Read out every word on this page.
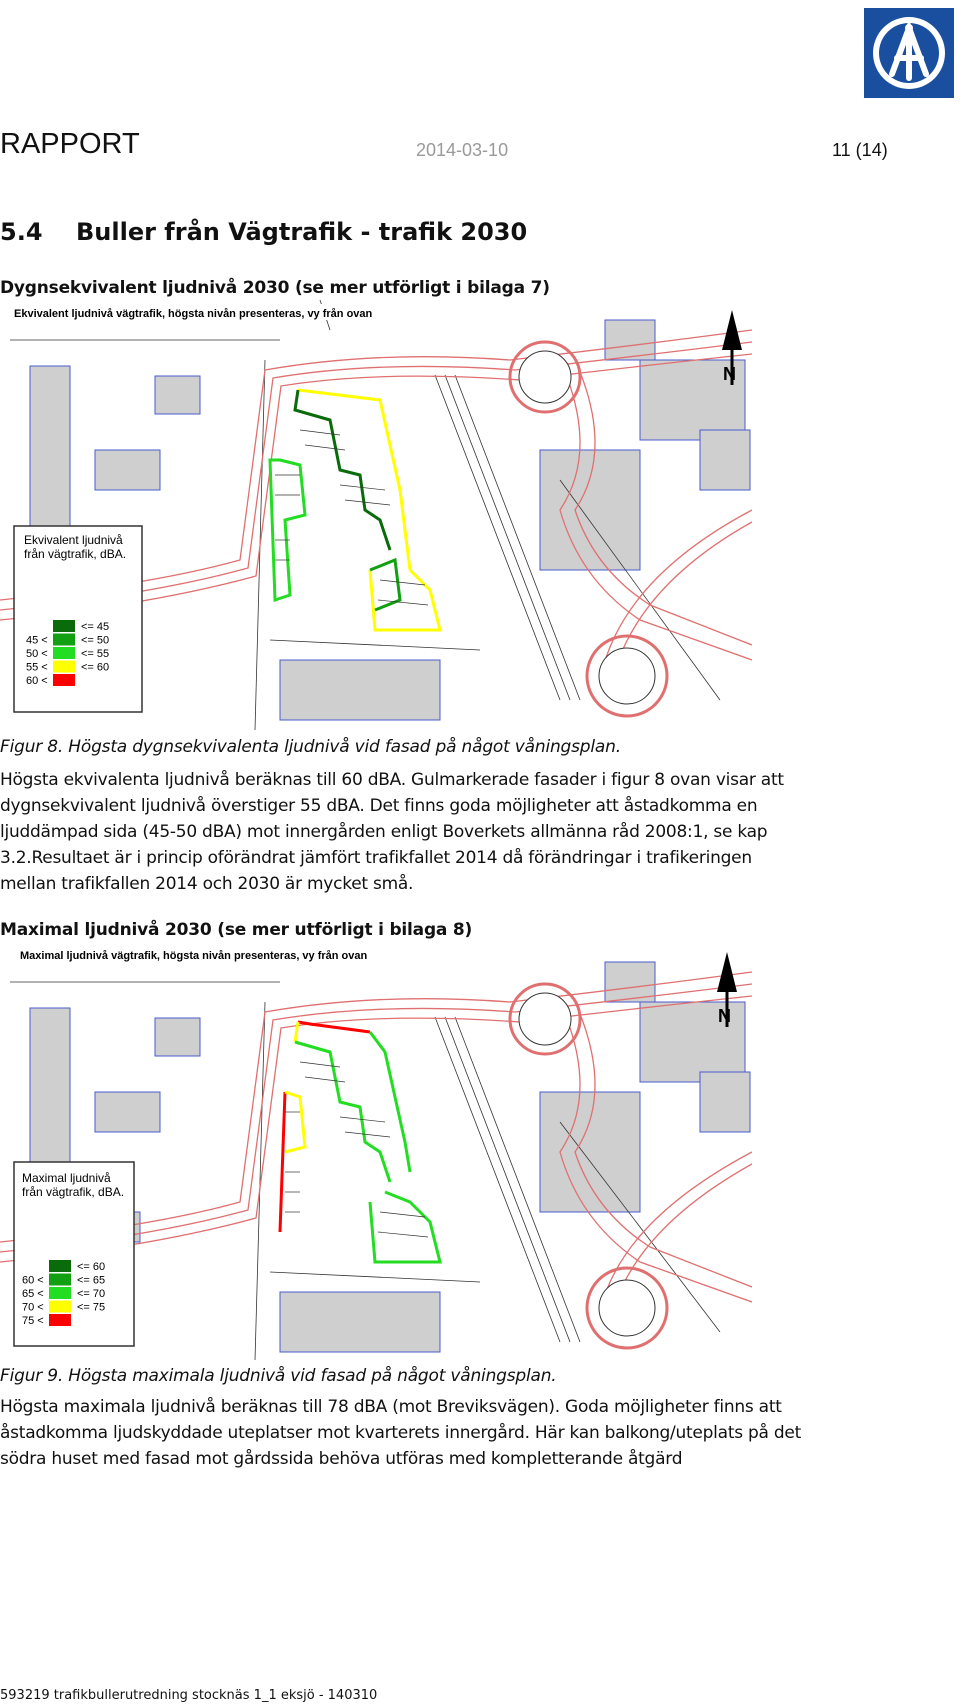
RAPPORT	2014-03-10	11 (14)
5.4 Buller från Vägtrafik - trafik 2030
Dygnsekvivalent ljudnivå 2030 (se mer utförligt i bilaga 7)
N
Ekvivalent ljudnivå vägtrafik, högsta nivån presenteras, vy från ovan
Ekvivalent ljudnivå
från vägtrafik, dBA.
<= 45
45 <	<= 50
50 <	<= 55
55 <	<= 60
60 <
Figur 8. Högsta dygnsekvivalenta ljudnivå vid fasad på något våningsplan.
Högsta ekvivalenta ljudnivå beräknas till 60 dBA. Gulmarkerade fasader i figur 8 ovan visar att
dygnsekvivalent ljudnivå överstiger 55 dBA. Det finns goda möjligheter att åstadkomma en
ljuddämpad sida (45-50 dBA) mot innergården enligt Boverkets allmänna råd 2008:1, se kap
3.2.Resultaet är i princip oförändrat jämfört trafikfallet 2014 då förändringar i trafikeringen
mellan trafikfallen 2014 och 2030 är mycket små.
Maximal ljudnivå 2030 (se mer utförligt i bilaga 8)
N
Maximal ljudnivå vägtrafik, högsta nivån presenteras, vy från ovan
Maximal ljudnivå
från vägtrafik, dBA.
<= 60
60 <	<= 65
65 <	<= 70
70 <	<= 75
75 <
Figur 9. Högsta maximala ljudnivå vid fasad på något våningsplan.
Högsta maximala ljudnivå beräknas till 78 dBA (mot Breviksvägen). Goda möjligheter finns att
åstadkomma ljudskyddade uteplatser mot kvarterets innergård. Här kan balkong/uteplats på det
södra huset med fasad mot gårdssida behöva utföras med kompletterande åtgärd
593219 trafikbullerutredning stocknäs 1_1 eksjö - 140310
